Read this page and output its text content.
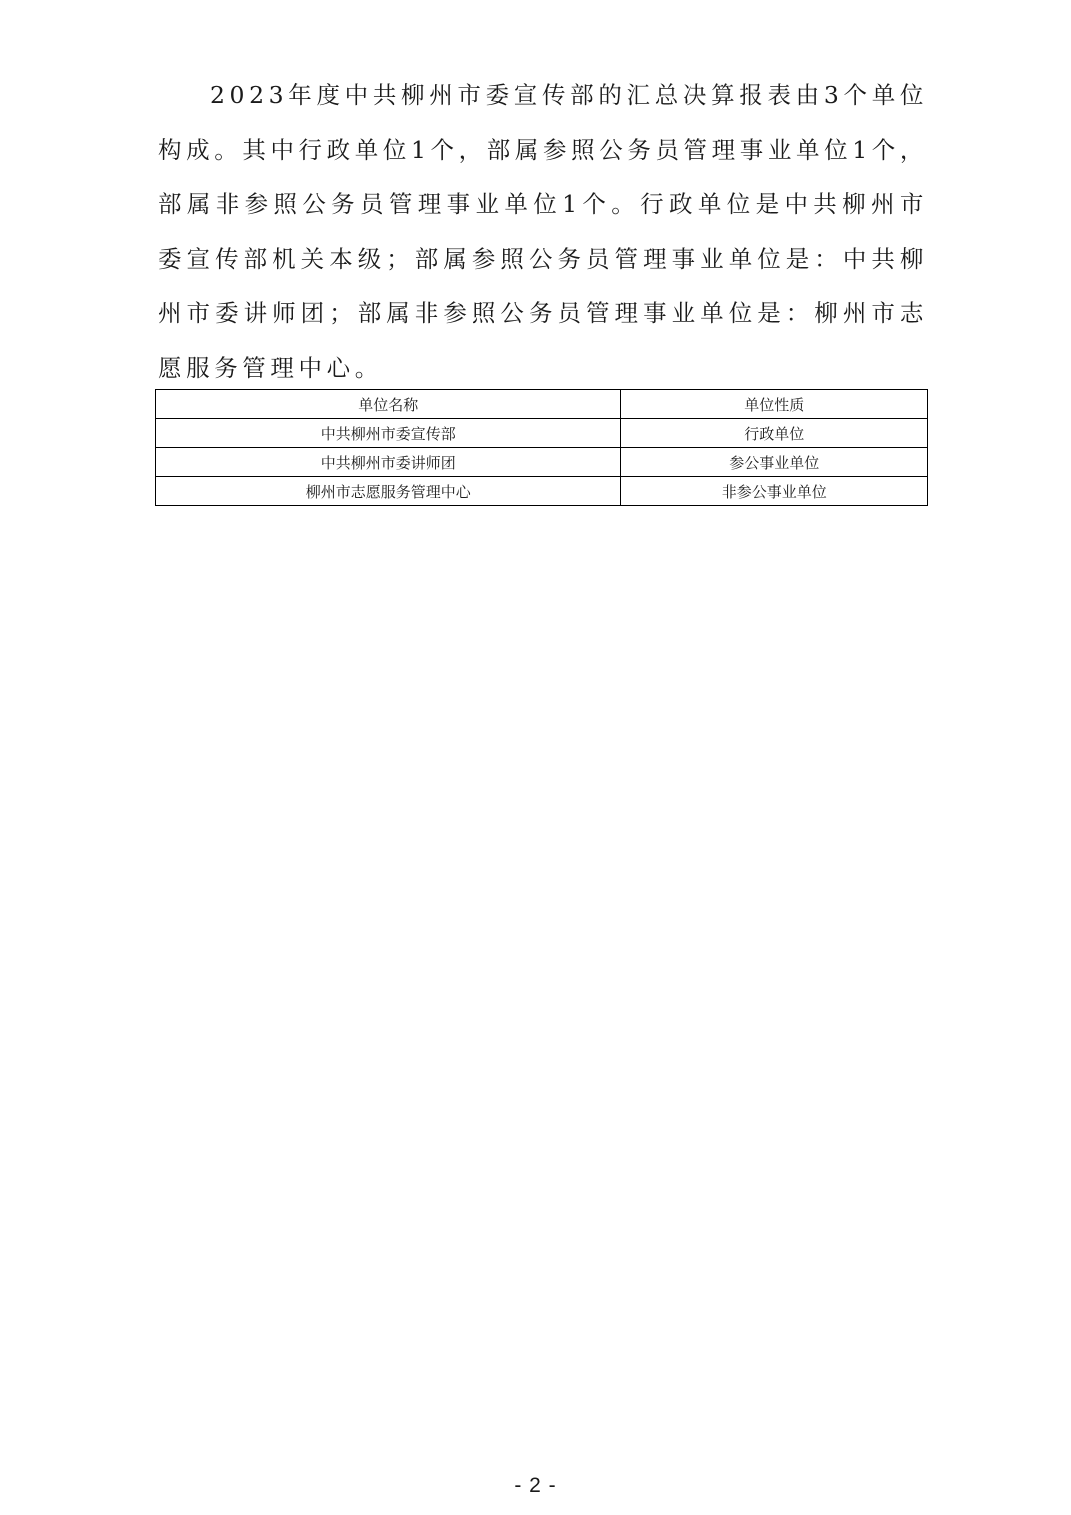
2023年度中共柳州市委宣传部的汇总决算报表由3个单位构成。其中行政单位1个，部属参照公务员管理事业单位1个，部属非参照公务员管理事业单位1个。行政单位是中共柳州市委宣传部机关本级；部属参照公务员管理事业单位是：中共柳州市委讲师团；部属非参照公务员管理事业单位是：柳州市志愿服务管理中心。

单位名称	单位性质
中共柳州市委宣传部	行政单位
中共柳州市委讲师团	参公事业单位
柳州市志愿服务管理中心	非参公事业单位
- 2 -
